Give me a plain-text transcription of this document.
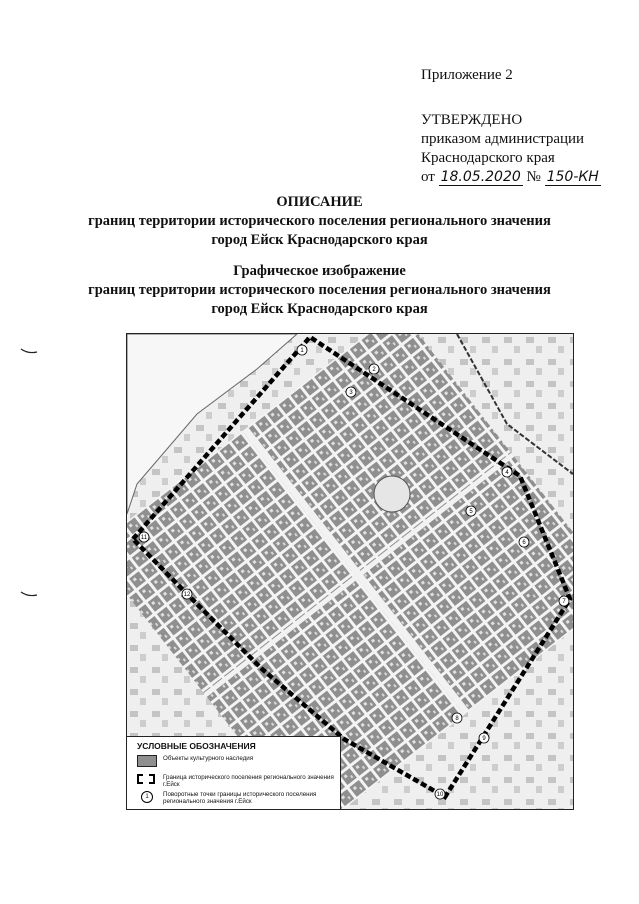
Приложение 2
УТВЕРЖДЕНО
приказом администрации
Краснодарского края
от 18.05.2020 № 150-КН
ОПИСАНИЕ
границ территории исторического поселения регионального значения
город Ейск Краснодарского края
Графическое изображение
границ территории исторического поселения регионального значения
город Ейск Краснодарского края
1
2
3
4
5
6
7
8
9
10
11
12
УСЛОВНЫЕ ОБОЗНАЧЕНИЯ
Объекты культурного наследия
Граница исторического поселения регионального значения г.Ейск
1	Поворотные точки границы исторического поселения регионального значения г.Ейск
